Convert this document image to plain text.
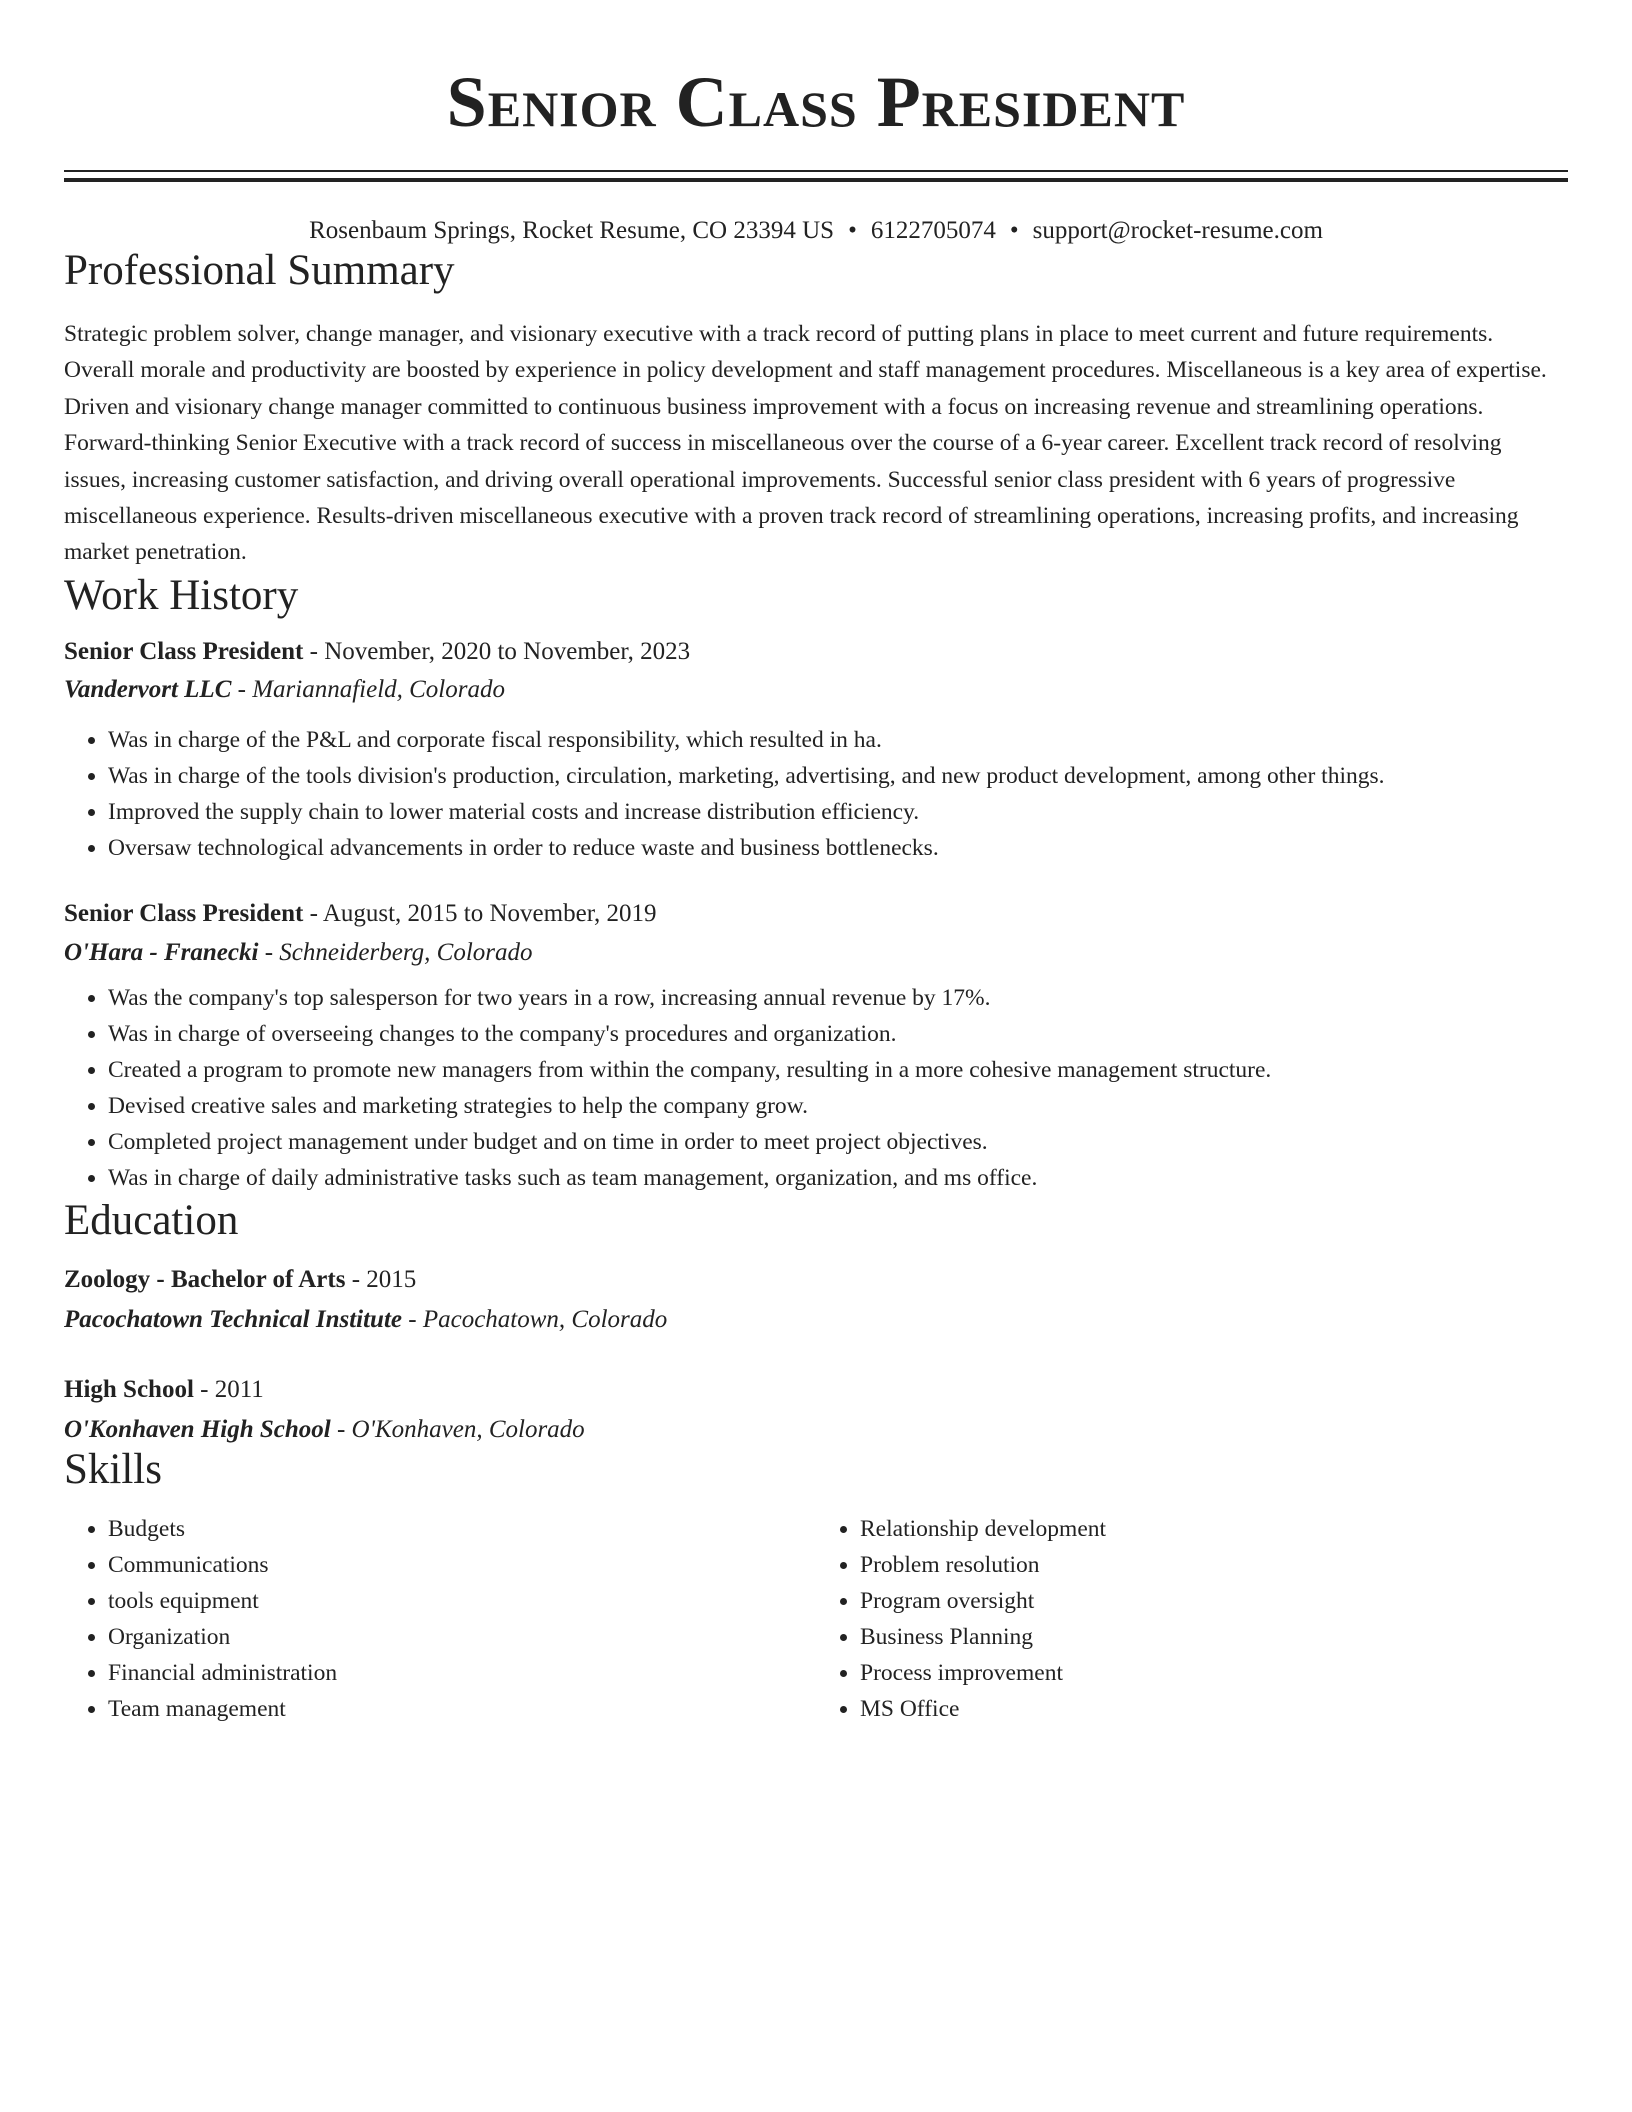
Senior Class President
Rosenbaum Springs, Rocket Resume, CO 23394 US • 6122705074 • support@rocket-resume.com
Professional Summary
Strategic problem solver, change manager, and visionary executive with a track record of putting plans in place to meet current and future requirements. Overall morale and productivity are boosted by experience in policy development and staff management procedures. Miscellaneous is a key area of expertise. Driven and visionary change manager committed to continuous business improvement with a focus on increasing revenue and streamlining operations. Forward-thinking Senior Executive with a track record of success in miscellaneous over the course of a 6-year career. Excellent track record of resolving issues, increasing customer satisfaction, and driving overall operational improvements. Successful senior class president with 6 years of progressive miscellaneous experience. Results-driven miscellaneous executive with a proven track record of streamlining operations, increasing profits, and increasing market penetration.
Work History
Senior Class President - November, 2020 to November, 2023
Vandervort LLC - Mariannafield, Colorado
• Was in charge of the P&L and corporate fiscal responsibility, which resulted in ha.
• Was in charge of the tools division's production, circulation, marketing, advertising, and new product development, among other things.
• Improved the supply chain to lower material costs and increase distribution efficiency.
• Oversaw technological advancements in order to reduce waste and business bottlenecks.
Senior Class President - August, 2015 to November, 2019
O'Hara - Franecki - Schneiderberg, Colorado
• Was the company's top salesperson for two years in a row, increasing annual revenue by 17%.
• Was in charge of overseeing changes to the company's procedures and organization.
• Created a program to promote new managers from within the company, resulting in a more cohesive management structure.
• Devised creative sales and marketing strategies to help the company grow.
• Completed project management under budget and on time in order to meet project objectives.
• Was in charge of daily administrative tasks such as team management, organization, and ms office.
Education
Zoology - Bachelor of Arts - 2015
Pacochatown Technical Institute - Pacochatown, Colorado
High School - 2011
O'Konhaven High School - O'Konhaven, Colorado
Skills
• Budgets
• Communications
• tools equipment
• Organization
• Financial administration
• Team management
• Relationship development
• Problem resolution
• Program oversight
• Business Planning
• Process improvement
• MS Office
